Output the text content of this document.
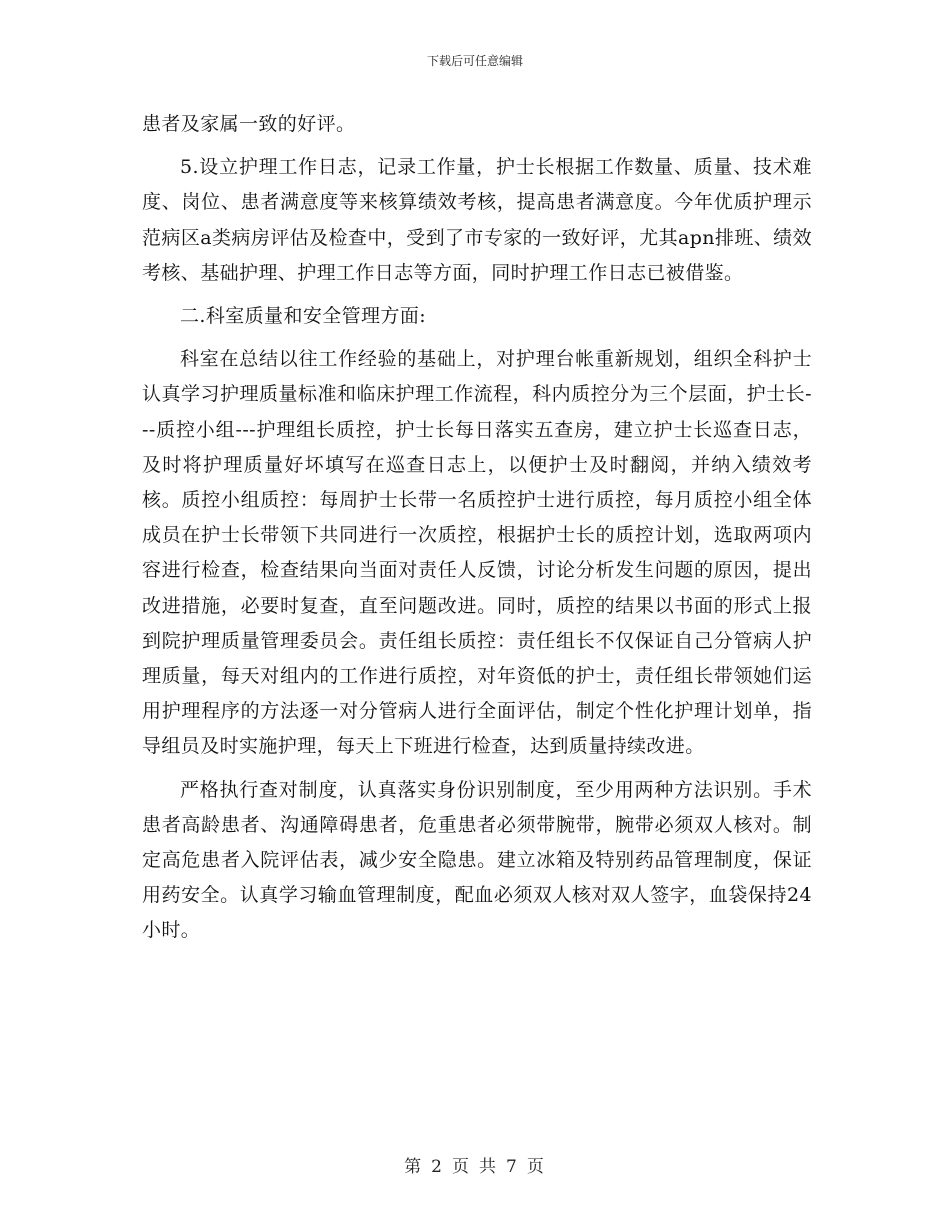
下载后可任意编辑

患者及家属一致的好评。

5.设立护理工作日志，记录工作量，护士长根据工作数量、质量、技术难度、岗位、患者满意度等来核算绩效考核，提高患者满意度。今年优质护理示范病区a类病房评估及检查中，受到了市专家的一致好评，尤其apn排班、绩效考核、基础护理、护理工作日志等方面，同时护理工作日志已被借鉴。

二.科室质量和安全管理方面:

科室在总结以往工作经验的基础上，对护理台帐重新规划，组织全科护士认真学习护理质量标准和临床护理工作流程，科内质控分为三个层面，护士长---质控小组---护理组长质控，护士长每日落实五查房，建立护士长巡查日志，及时将护理质量好坏填写在巡查日志上，以便护士及时翻阅，并纳入绩效考核。质控小组质控：每周护士长带一名质控护士进行质控，每月质控小组全体成员在护士长带领下共同进行一次质控，根据护士长的质控计划，选取两项内容进行检查，检查结果向当面对责任人反馈，讨论分析发生问题的原因，提出改进措施，必要时复查，直至问题改进。同时，质控的结果以书面的形式上报到院护理质量管理委员会。责任组长质控：责任组长不仅保证自己分管病人护理质量，每天对组内的工作进行质控，对年资低的护士，责任组长带领她们运用护理程序的方法逐一对分管病人进行全面评估，制定个性化护理计划单，指导组员及时实施护理，每天上下班进行检查，达到质量持续改进。

严格执行查对制度，认真落实身份识别制度，至少用两种方法识别。手术患者高龄患者、沟通障碍患者，危重患者必须带腕带，腕带必须双人核对。制定高危患者入院评估表，减少安全隐患。建立冰箱及特别药品管理制度，保证用药安全。认真学习输血管理制度，配血必须双人核对双人签字，血袋保持24小时。

第 2 页 共 7 页
